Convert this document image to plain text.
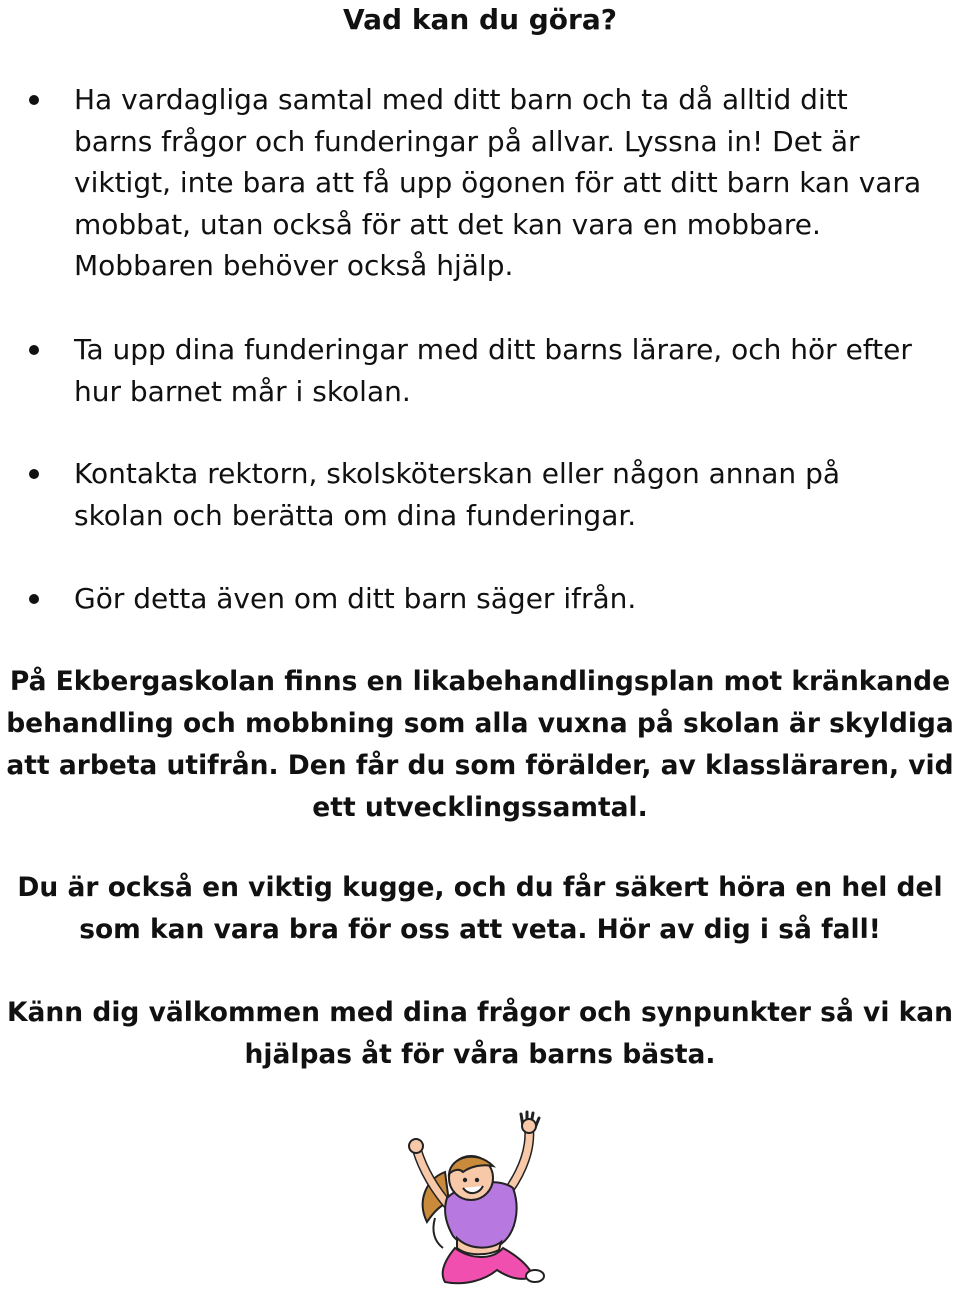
Vad kan du göra?

Ha vardagliga samtal med ditt barn och ta då alltid ditt barns frågor och funderingar på allvar. Lyssna in! Det är viktigt, inte bara att få upp ögonen för att ditt barn kan vara mobbat, utan också för att det kan vara en mobbare. Mobbaren behöver också hjälp.

Ta upp dina funderingar med ditt barns lärare, och hör efter hur barnet mår i skolan.

Kontakta rektorn, skolsköterskan eller någon annan på skolan och berätta om dina funderingar.

Gör detta även om ditt barn säger ifrån.

På Ekbergaskolan finns en likabehandlingsplan mot kränkande behandling och mobbning som alla vuxna på skolan är skyldiga att arbeta utifrån. Den får du som förälder, av klassläraren, vid ett utvecklingssamtal.

Du är också en viktig kugge, och du får säkert höra en hel del som kan vara bra för oss att veta. Hör av dig i så fall!

Känn dig välkommen med dina frågor och synpunkter så vi kan hjälpas åt för våra barns bästa.
